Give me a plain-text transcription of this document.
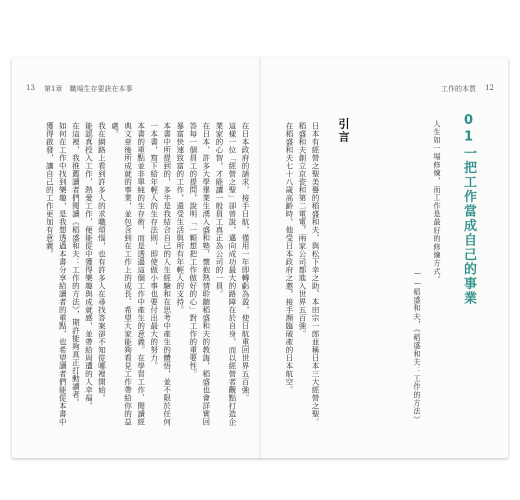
13 第1章　職場生存要訣在本事
在日本政府的請求，接手日航，僅用一年即轉虧為盈，使日航重回世界五百強。
這樣一位「經營之聖」卻曾說，邁向成功最大的路障在於自身，而以經營者觀點打造企業家的心智，才能讓一般員工真正為公司的一員。
在日本，許多大學畢業生湧入盛和塾，懷抱熱情聆聽稻盛和夫的教誨，稻盛也會詳實回答每一個員工的提問，說明「一顆想把工作做好的心」對工作的重要性。
暴富快速致富的工作，還受生活與所有年輕人的支持。
本書中所提到的，多半是我結合自己的人生經驗和在思考中產生的體悟，並不限於任何一本書，寫下給年輕人的生存法則，即使做小事也要付出最大的努力。
本書的重點並非單純的生存術，而是透過這個工作中產生的意義。在學習工作、閱讀經典文章後所成就的事業，並包含到在工作上的成長、希望大家能夠看見工作帶給你的益處。
我在網路上看到許多人的求職煩惱，也有許多人在尋找答案卻不知從哪裡開始。
能認真投入工作，熱愛工作，便能從中獲得樂趣與成就感，並帶給周遭的人幸福。
在這裡，我推薦讀者們閱讀《稻盛和夫：工作的方法》，期許能夠真正打動讀者。
如何在工作中找到樂趣，是我想透過本書分享給讀者的重點，也希望讀者們能從本書中獲得啟發，讓自己的工作更加有意義。
工作的本質 12
日本有經營之聖美譽的稻盛和夫，與松下幸之助、本田宗一郎並稱日本三大經營之聖。稻盛和夫創立京瓷和第二電電，兩家公司都進入世界五百強。
在稻盛和夫七十八歲高齡時，他受日本政府之邀，接手瀕臨破產的日本航空。	引言	01一把工作當成自己的事業
人生如一場修煉，而工作是最好的修煉方式。
——稻盛和夫，《稻盛和夫：工作的方法》
